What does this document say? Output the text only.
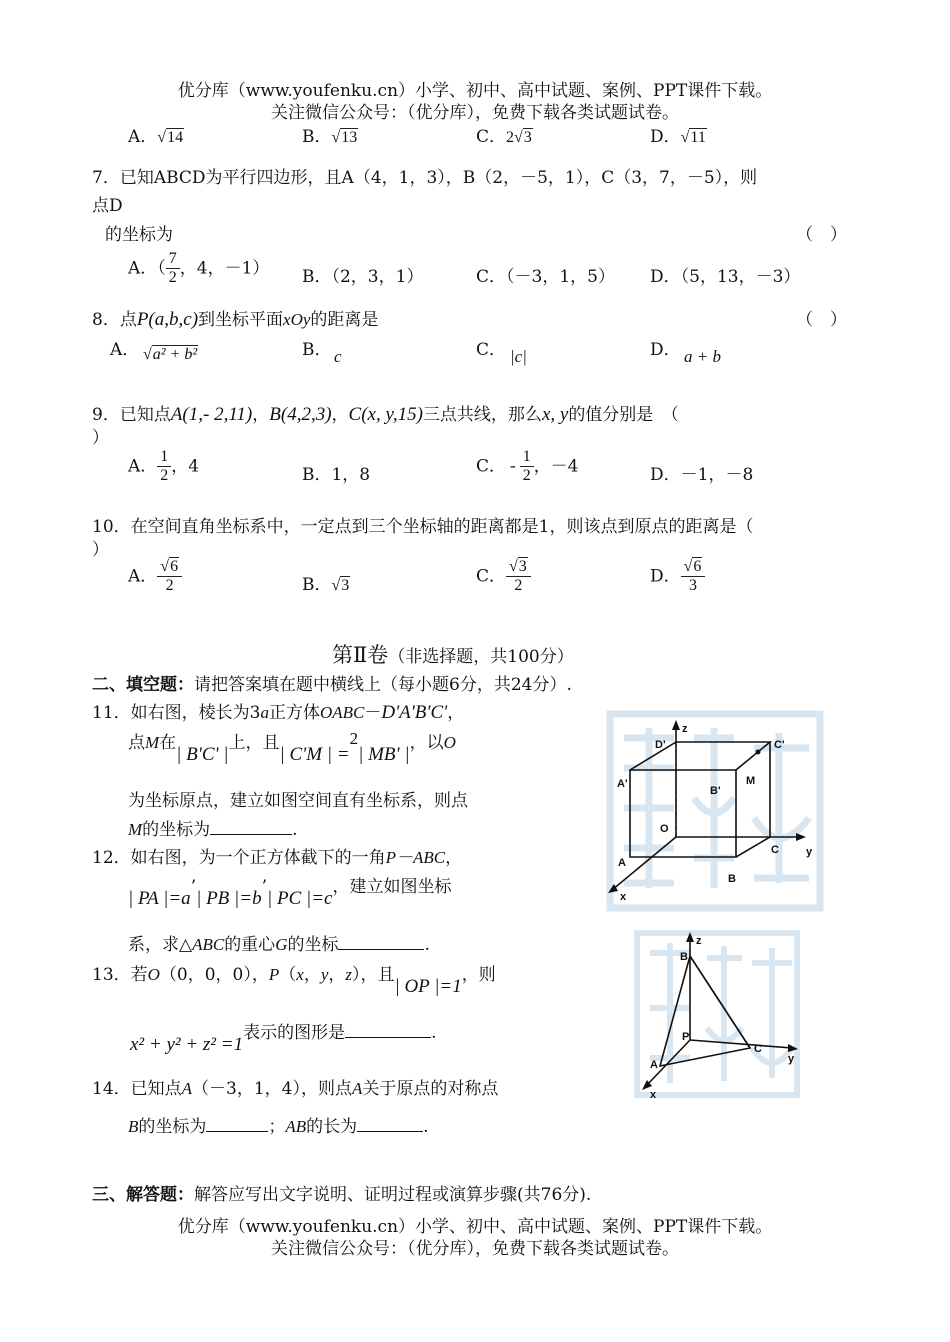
优分库（www.youfenku.cn）小学、初中、高中试题、案例、PPT课件下载。
关注微信公众号：（优分库），免费下载各类试题试卷。
A．√14	B．√13	C．2√3	D．√11
7．已知ABCD为平行四边形，且A（4，1，3），B（2，－5，1），C（3，7，－5），则
点D
的坐标为	（　）
A．（ $\frac{7}{2}$ ，4，－1） B．（2，3，1）	C．（－3，1，5） D．（5，13，－3）
8．点P(a,b,c)到坐标平面xOy的距离是	（　）
A． √a² + b²	B． c	C． |c|	D． a + b
9．已知点A(1,- 2,11)，B(4,2,3)，C(x, y,15)三点共线，那么x, y的值分别是　（
）
A． $\frac{1}{2}$ ，4	B．1，8	C． - $\frac{1}{2}$ ，－4	D．－1，－8
10．在空间直角坐标系中，一定点到三个坐标轴的距离都是1，则该点到原点的距离是（
）
A． $\frac{√6}{2}$	B．√3	C． $\frac{√3}{2}$	D． $\frac{√6}{3}$
第Ⅱ卷（非选择题，共100分）
二、填空题：请把答案填在题中横线上（每小题6分，共24分）.
11．如右图，棱长为3a正方体OABC－D'A'B'C'，
点M在| B'C' |上，且| C'M | =2| MB' |，以O
为坐标原点，建立如图空间直有坐标系，则点
M的坐标为	.
12．如右图，为一个正方体截下的一角P－ABC，
| PA |=a’| PB |=b’| PC |=c，建立如图坐标
系，求△ABC的重心G的坐标	.
13．若O（0，0，0），P（x，y，z），且| OP |=1，则
x² + y² + z² =1表示的图形是	.
14．已知点A（－3，1，4），则点A关于原点的对称点
B的坐标为	；AB的长为	.
三、解答题：解答应写出文字说明、证明过程或演算步骤(共76分).
优分库（www.youfenku.cn）小学、初中、高中试题、案例、PPT课件下载。
关注微信公众号：（优分库），免费下载各类试题试卷。
z
y
x
O
A
B
C
D'
A'
B'
C'
M
z
y
x
B
P
A
C
